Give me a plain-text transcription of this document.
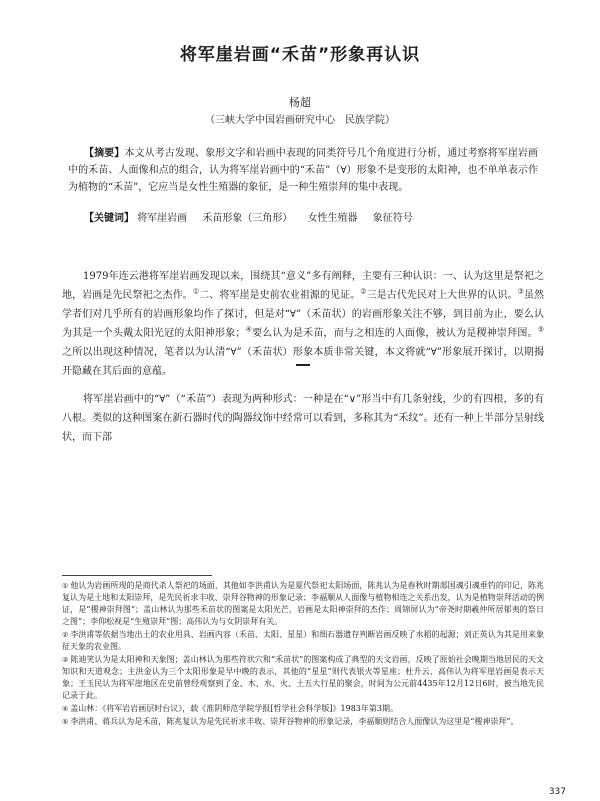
将军崖岩画“禾苗”形象再认识
杨超
（三峡大学中国岩画研究中心　民族学院）
【摘要】本文从考古发现、象形文字和岩画中表现的同类符号几个角度进行分析，通过考察将军崖岩画中的禾苗、人面像和点的组合，认为将军崖岩画中的“禾苗”（∀）形象不是变形的太阳神，也不单单表示作为植物的“禾苗”，它应当是女性生殖器的象征，是一种生殖崇拜的集中表现。
【关键词】 将军崖岩画 禾苗形象（三角形） 女性生殖器 象征符号
1979年连云港将军崖岩画发现以来，围绕其“意义”多有阐释，主要有三种认识：一、认为这里是祭祀之地，岩画是先民祭祀之杰作。①二、将军崖是史前农业祖源的见证。②三是古代先民对上大世界的认识。③虽然学者们对几乎所有的岩画形象均作了探讨，但是对“∀”（禾苗状）的岩画形象关注不够，到目前为止，要么认为其是一个头戴太阳光冠的太阳神形象；④要么认为是禾苗，而与之相连的人面像，被认为是稷神崇拜图。⑤之所以出现这种情况，笔者以为认清“∀”（禾苗状）形象本质非常关键，本文将就“∀”形象展开探讨，以期揭开隐藏在其后面的意蕴。
将军崖岩画中的“∀”（“禾苗”）表现为两种形式：一种是在“∨”形当中有几条射线，少的有四根，多的有八根。类似的这种图案在新石器时代的陶器纹饰中经常可以看到，多称其为“禾纹”。还有一种上半部分呈射线状，而下部

① 他认为岩画所现的是商代杀人祭祀的场面，其他如李洪甫认为是夏代祭祀太阳场面，陈兆认为是春秋时期郯国魂引魂垂钓的印记，陈兆复认为是土地和太阳崇拜，是先民祈求丰收、崇拜谷物神的形象记录；李福顺从人面像与植物相连之关系出发，认为是植物崇拜活动的例证，是“稷神崇拜图”；盖山林认为那些禾苗状的图案是太阳光芒，岩画是太阳神崇拜的杰作；周锦屏认为“帝尧时期羲仲所居郁夷的祭日之图”；李仰松视是“生殖崇拜”图；高伟认为与女阴崇拜有关。

② 李洪甫等依据当地出土的农业用具、岩画内容（禾苗、太阳、星星）和细石器遗存判断岩画反映了水稻的起源；刘正英认为其是用来象征天象的农业图。

③ 陈迪笑认为是太阳神和天象图；盖山林认为那些符状穴和“禾苗状”的图案构成了典型的天文岩画，反映了原始社会晚期当地居民的天文知识和天道观念；主洪金认为三个太阳形象是早中晚的表示，其他的“星星”则代表银火等星座；杜升云、高伟认为将军崖岩画是表示天象；王玉民认为将军崖地区在史前曾经观察到了金、木、水、火、土五大行星的聚会，时间为公元前4435年12月12日6时，被当地先民记录于此。

④ 盖山林：《将军岩岩画层时台议》，载《淮阴师范学院学报[哲学社会科学版]》1983年第3期。

⑤ 李洪甫、蒋兵认为是禾苗，陈兆复认为是先民祈求丰收、崇拜谷物神的形象记录，李福顺则结合人面像认为这里是“稷神崇拜”。

337
